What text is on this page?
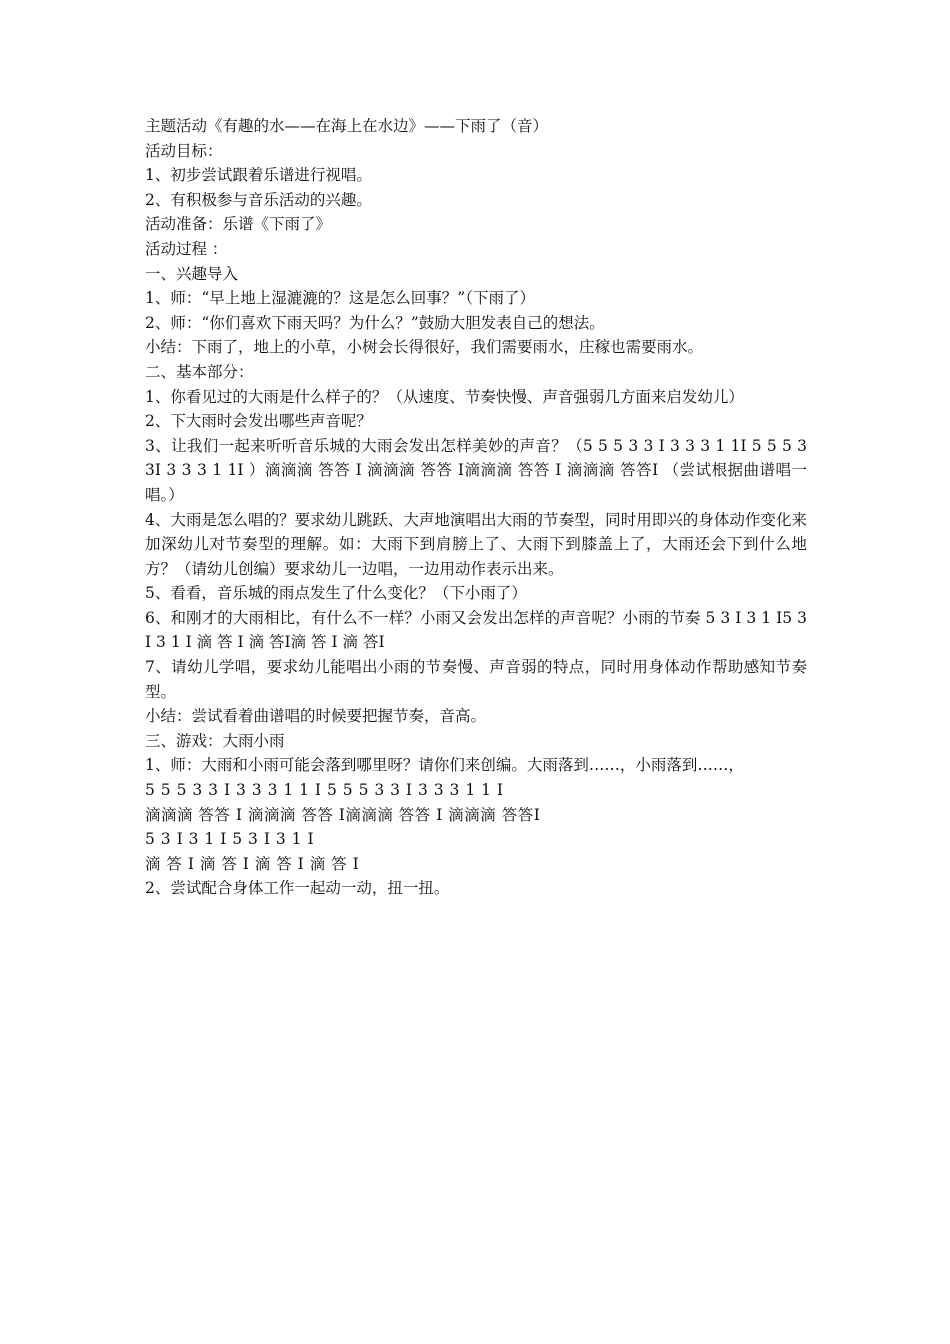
主题活动《有趣的水——在海上在水边》——下雨了（音）
活动目标：
1、初步尝试跟着乐谱进行视唱。
2、有积极参与音乐活动的兴趣。
活动准备：乐谱《下雨了》
活动过程 ：
一、兴趣导入
1、师：“早上地上湿漉漉的？这是怎么回事？”（下雨了）
2、师：“你们喜欢下雨天吗？为什么？”鼓励大胆发表自己的想法。
小结：下雨了，地上的小草，小树会长得很好，我们需要雨水，庄稼也需要雨水。
二、基本部分：
1、你看见过的大雨是什么样子的？（从速度、节奏快慢、声音强弱几方面来启发幼儿）
2、下大雨时会发出哪些声音呢？
3、让我们一起来听听音乐城的大雨会发出怎样美妙的声音？（5 5 5 3 3 I 3 3 3 1 1I 5 5 5 3 3I 3 3 3 1 1I ）滴滴滴 答答 I 滴滴滴 答答 I滴滴滴 答答 I 滴滴滴 答答I （尝试根据曲谱唱一唱。）
4、大雨是怎么唱的？要求幼儿跳跃、大声地演唱出大雨的节奏型，同时用即兴的身体动作变化来加深幼儿对节奏型的理解。如：大雨下到肩膀上了、大雨下到膝盖上了，大雨还会下到什么地方？（请幼儿创编）要求幼儿一边唱，一边用动作表示出来。
5、看看，音乐城的雨点发生了什么变化？（下小雨了）
6、和刚才的大雨相比，有什么不一样？小雨又会发出怎样的声音呢？小雨的节奏 5 3 I 3 1 I5 3 I 3 1 I 滴 答 I 滴 答I滴 答 I 滴 答I
7、请幼儿学唱，要求幼儿能唱出小雨的节奏慢、声音弱的特点，同时用身体动作帮助感知节奏型。
小结：尝试看着曲谱唱的时候要把握节奏，音高。
三、游戏：大雨小雨
1、师：大雨和小雨可能会落到哪里呀？请你们来创编。大雨落到……，小雨落到……，
5 5 5 3 3 I 3 3 3 1 1 I 5 5 5 3 3 I 3 3 3 1 1 I
滴滴滴 答答 I 滴滴滴 答答 I滴滴滴 答答 I 滴滴滴 答答I
5 3 I 3 1 I 5 3 I 3 1 I
滴 答 I 滴 答 I 滴 答 I 滴 答 I
2、尝试配合身体工作一起动一动，扭一扭。
